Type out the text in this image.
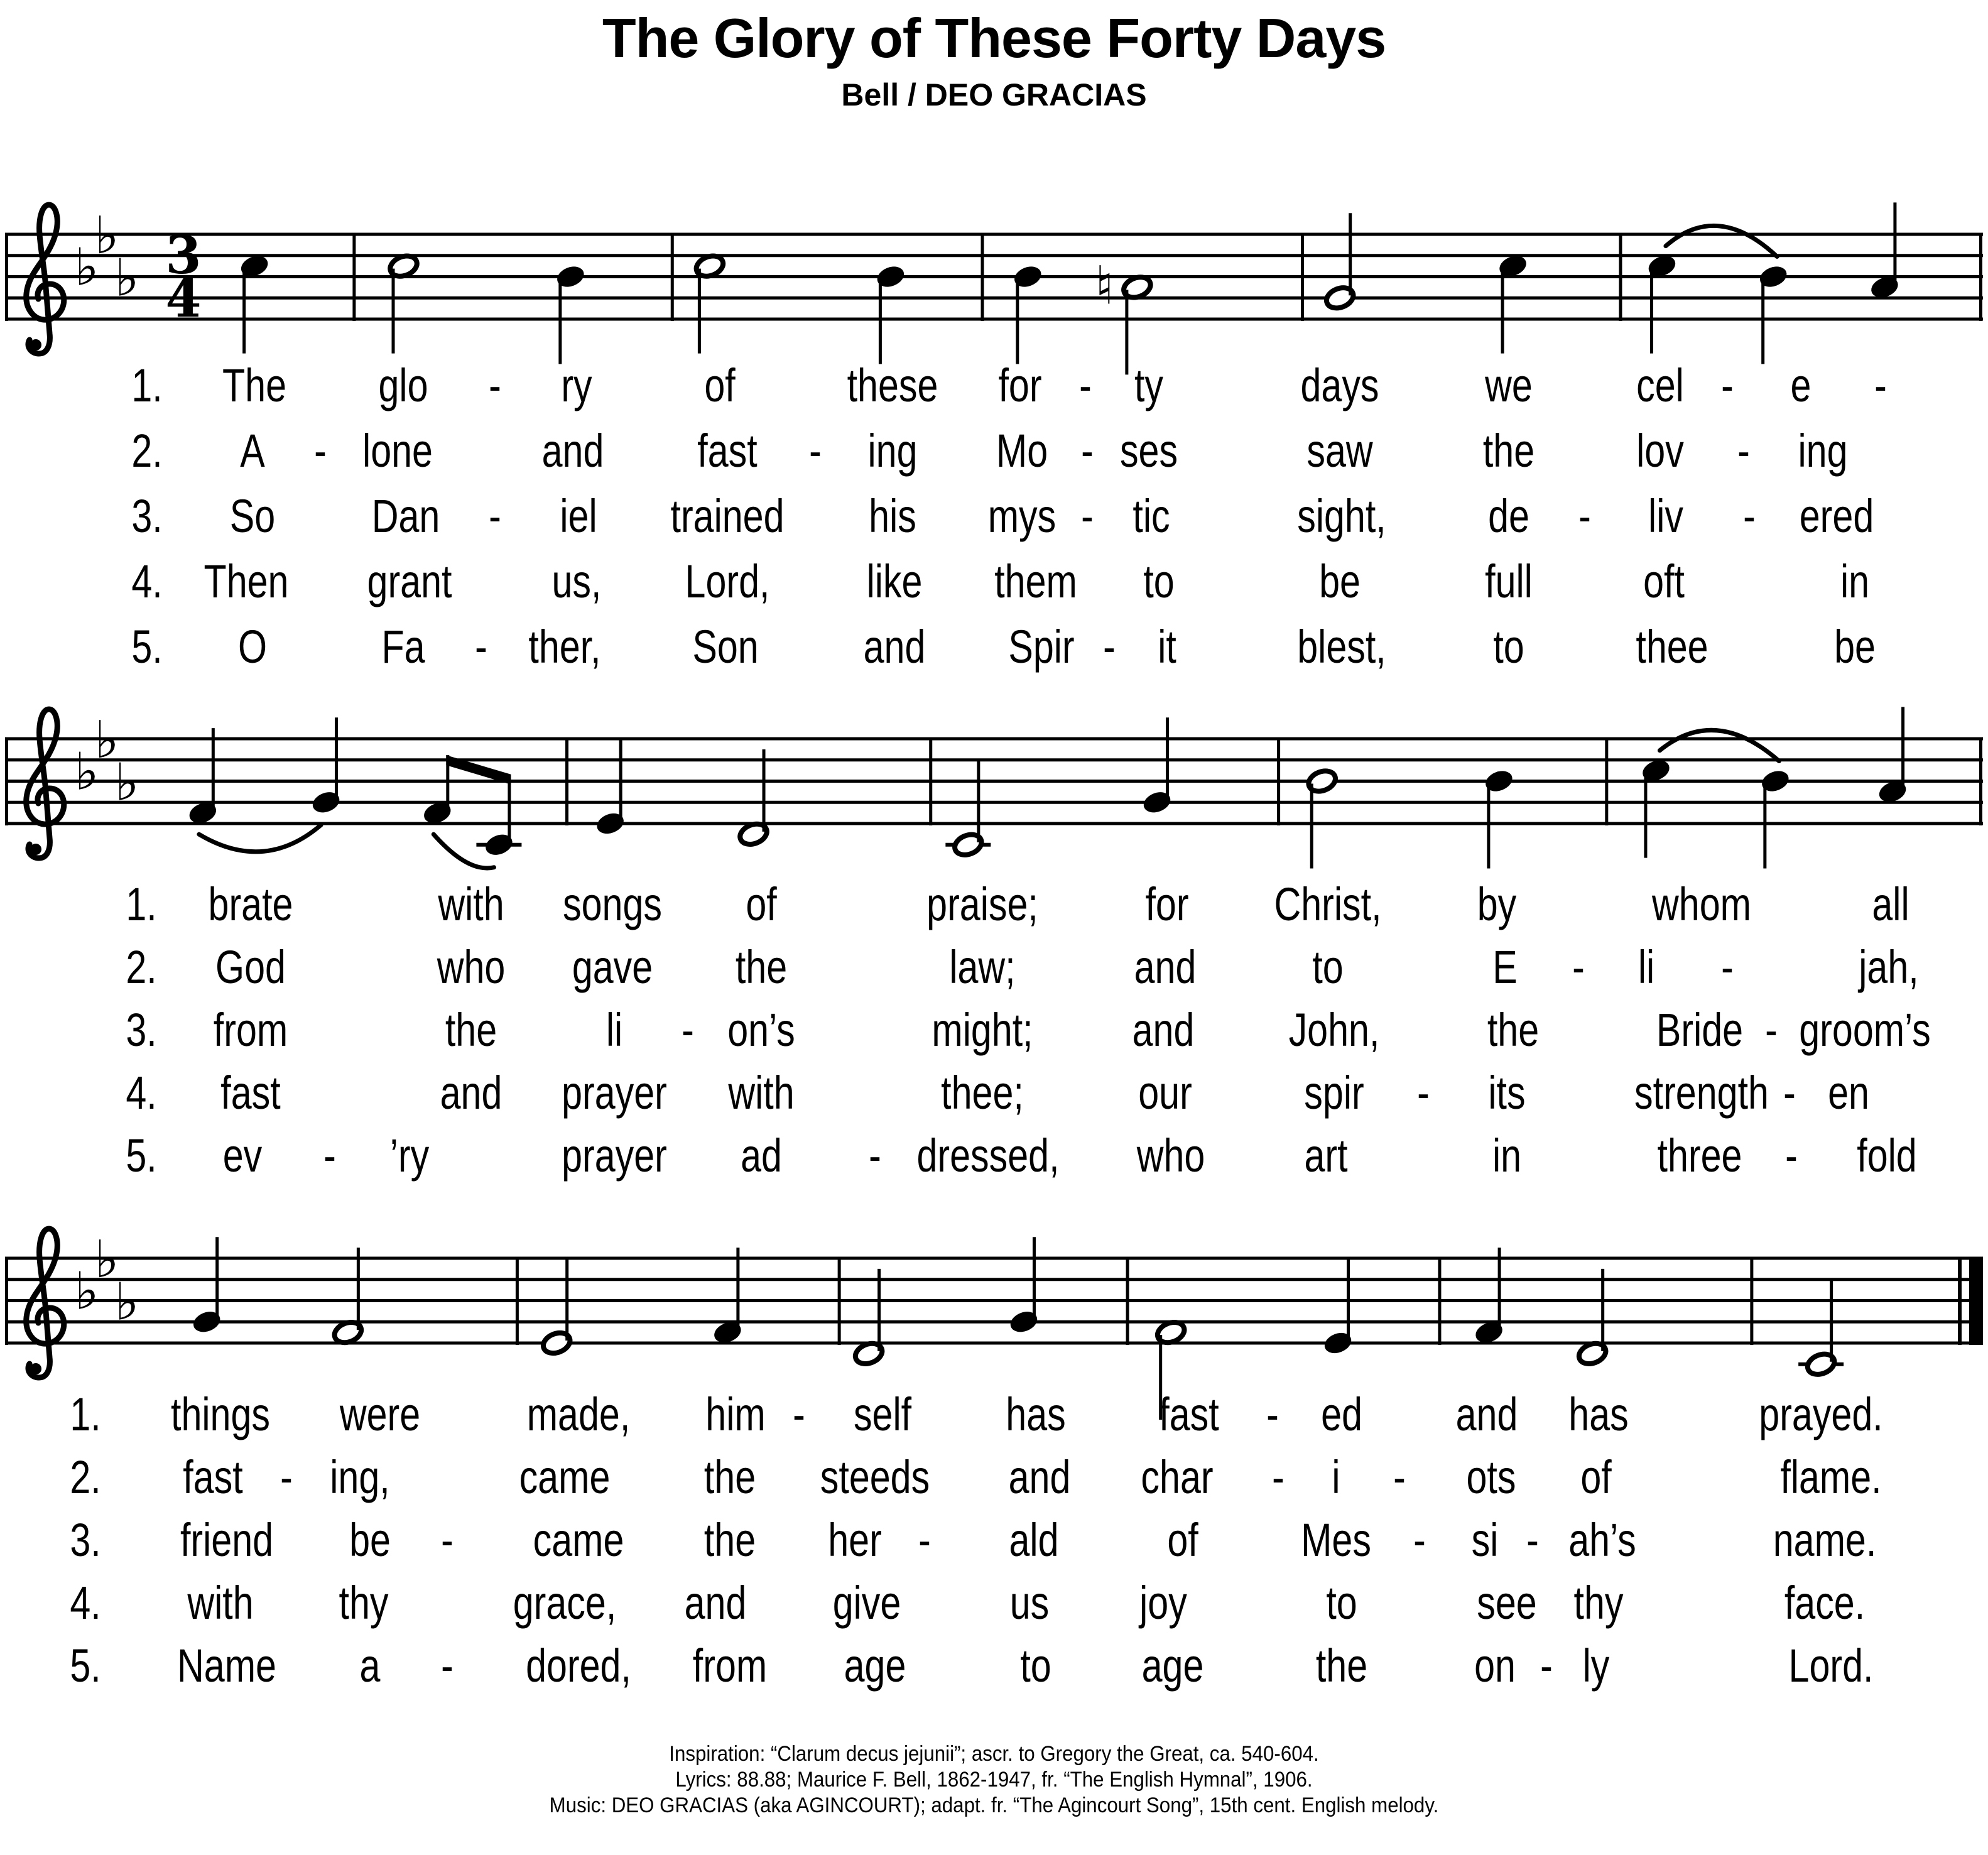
The Glory of These Forty Days
Bell / DEO GRACIAS
♭
♭
♭ 3
4	♮
♭
♭
♭
♭
♭
♭
1. The glo - ry of these for - ty	days we cel - e -
2. A - lone and fast - ing Mo - ses	saw the lov - ing
3. So Dan - iel trained his mys - tic	sight, de - liv - ered
4. Then grant us, Lord, like them to	be	full oft	in
5. O Fa - ther, Son and Spir - it	blest, to thee	be
1. brate	with songs of	praise; for Christ, by	whom	all
2. God	who gave the	law;	and	to	E - li -	jah,
3. from	the li - on’s	might; and John, the	Bride - groom’s
4. fast	and prayer with	thee; our spir - its strength - en
5. ev - ’ry	prayer ad - dressed, who art	in	three - fold
1. things were made, him - self has fast - ed and has	prayed.
2. fast - ing,	came the steeds and char - i - ots of	flame.
3. friend be - came the her - ald of Mes - si - ah’s	name.
4. with thy	grace, and give us joy	to	see thy	face.
5. Name a - dored, from age to age the on - ly	Lord.

Inspiration: “Clarum decus jejunii”; ascr. to Gregory the Great, ca. 540-604.

Lyrics: 88.88; Maurice F. Bell, 1862-1947, fr. “The English Hymnal”, 1906.

Music: DEO GRACIAS (aka AGINCOURT); adapt. fr. “The Agincourt Song”, 15th cent. English melody.
